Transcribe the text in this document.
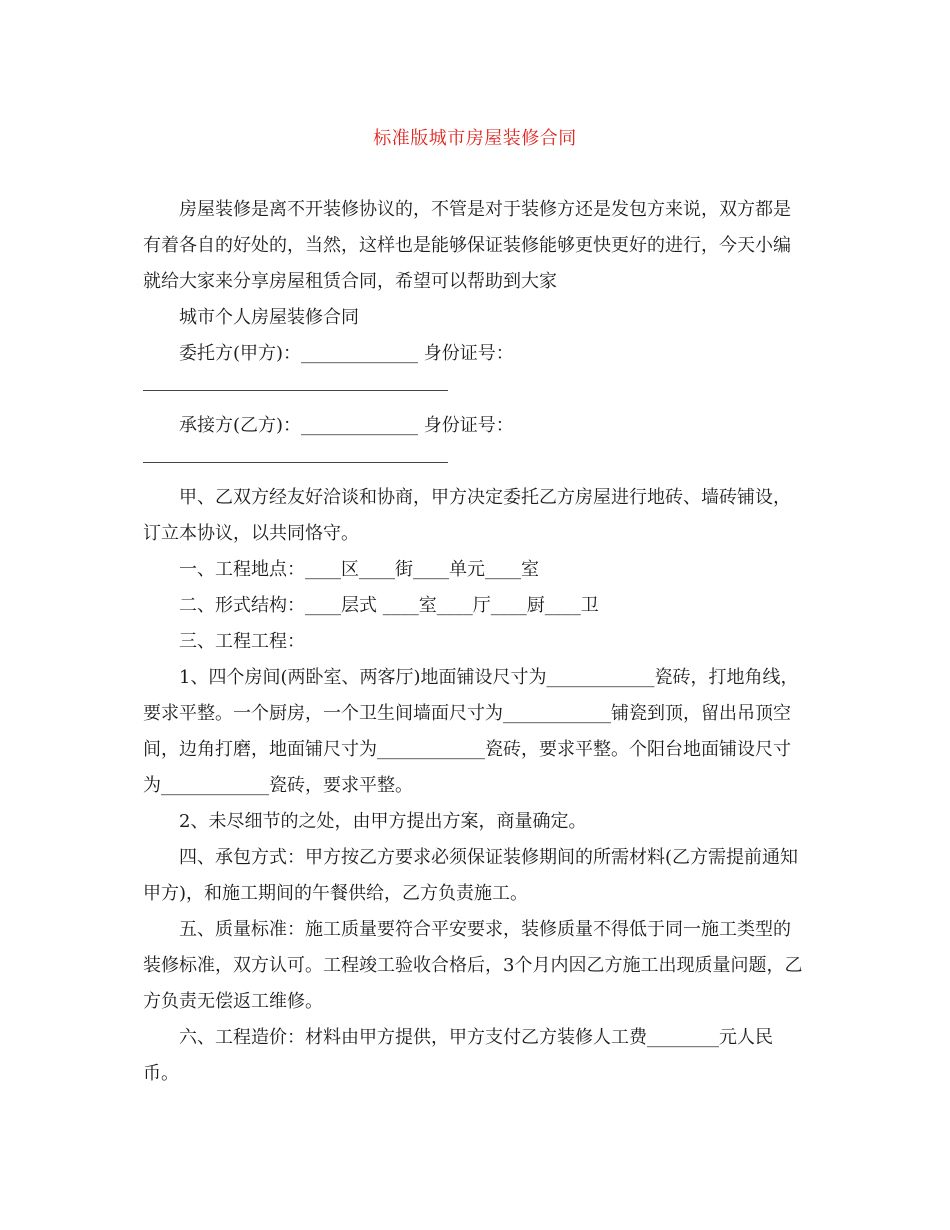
标准版城市房屋装修合同

房屋装修是离不开装修协议的，不管是对于装修方还是发包方来说，双方都是有着各自的好处的，当然，这样也是能够保证装修能够更快更好的进行，今天小编就给大家来分享房屋租赁合同，希望可以帮助到大家

城市个人房屋装修合同

委托方(甲方)：_____________ 身份证号：

承接方(乙方)：_____________ 身份证号：

甲、乙双方经友好洽谈和协商，甲方决定委托乙方房屋进行地砖、墙砖铺设，订立本协议，以共同恪守。

一、工程地点：____区____街____单元____室

二、形式结构：____层式 ____室____厅____厨____卫

三、工程工程：

1、四个房间(两卧室、两客厅)地面铺设尺寸为____________瓷砖，打地角线，要求平整。一个厨房，一个卫生间墙面尺寸为____________铺瓷到顶，留出吊顶空间，边角打磨，地面铺尺寸为____________瓷砖，要求平整。个阳台地面铺设尺寸为____________瓷砖，要求平整。

2、未尽细节的之处，由甲方提出方案，商量确定。

四、承包方式：甲方按乙方要求必须保证装修期间的所需材料(乙方需提前通知甲方)，和施工期间的午餐供给，乙方负责施工。

五、质量标准：施工质量要符合平安要求，装修质量不得低于同一施工类型的装修标准，双方认可。工程竣工验收合格后，3个月内因乙方施工出现质量问题，乙方负责无偿返工维修。

六、工程造价：材料由甲方提供，甲方支付乙方装修人工费________元人民币。
